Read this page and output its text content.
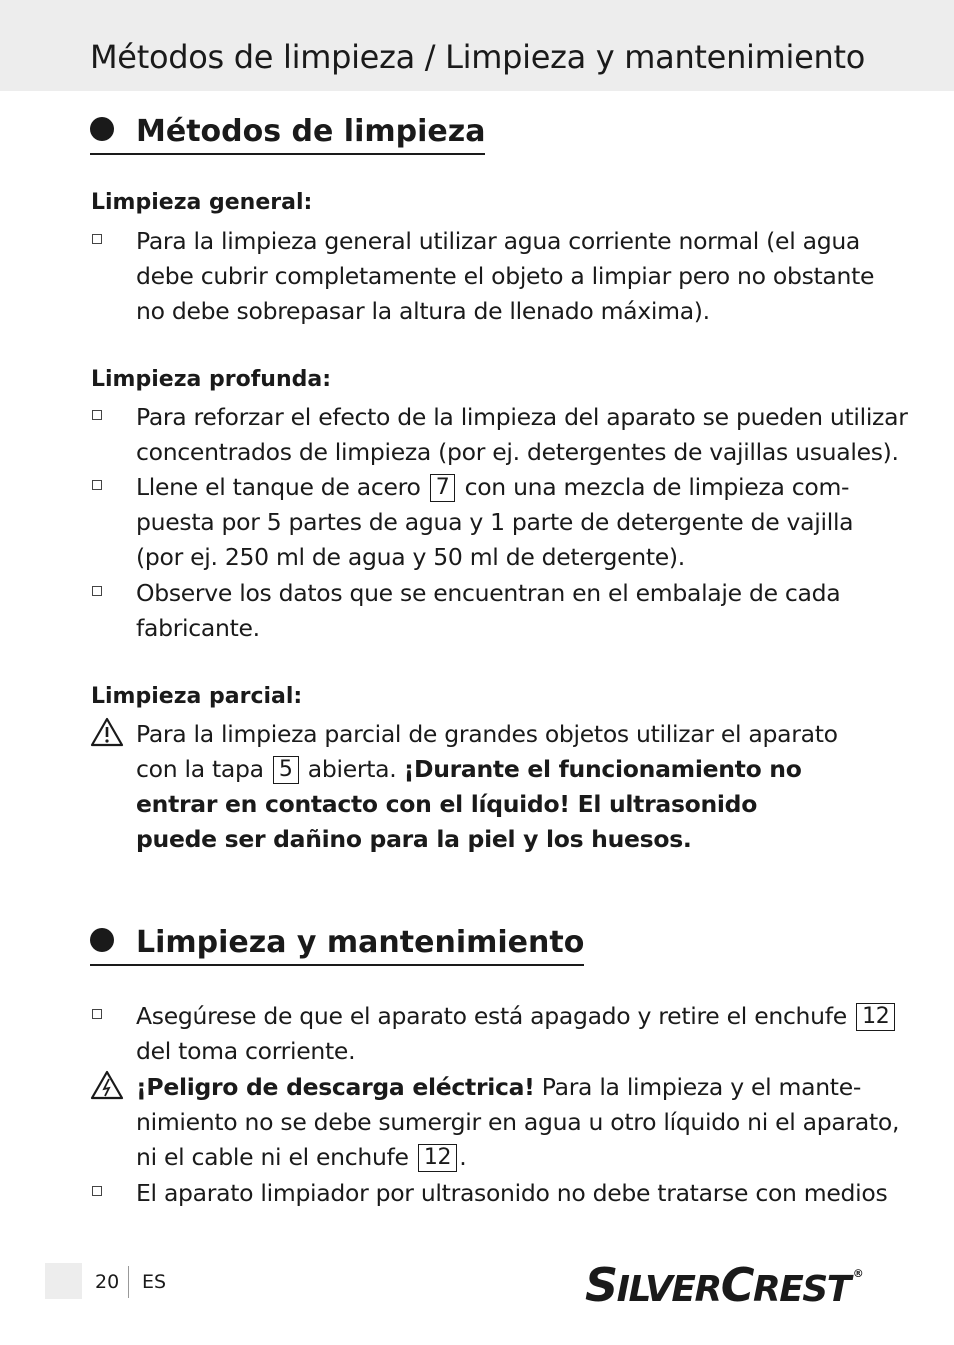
Métodos de limpieza / Limpieza y mantenimiento
Métodos de limpieza
Limpieza general:
Para la limpieza general utilizar agua corriente normal (el agua
debe cubrir completamente el objeto a limpiar pero no obstante
no debe sobrepasar la altura de llenado máxima).
Limpieza profunda:
Para reforzar el efecto de la limpieza del aparato se pueden utilizar
concentrados de limpieza (por ej. detergentes de vajillas usuales).
Llene el tanque de acero 7 con una mezcla de limpieza com-
puesta por 5 partes de agua y 1 parte de detergente de vajilla
(por ej. 250 ml de agua y 50 ml de detergente).
Observe los datos que se encuentran en el embalaje de cada
fabricante.
Limpieza parcial:
Para la limpieza parcial de grandes objetos utilizar el aparato
con la tapa 5 abierta. ¡Durante el funcionamiento no
entrar en contacto con el líquido! El ultrasonido
puede ser dañino para la piel y los huesos.
Limpieza y mantenimiento
Asegúrese de que el aparato está apagado y retire el enchufe 12
del toma corriente.
¡Peligro de descarga eléctrica! Para la limpieza y el mante-
nimiento no se debe sumergir en agua u otro líquido ni el aparato,
ni el cable ni el enchufe 12 .
El aparato limpiador por ultrasonido no debe tratarse con medios
20 ES	SILVERCREST ®
